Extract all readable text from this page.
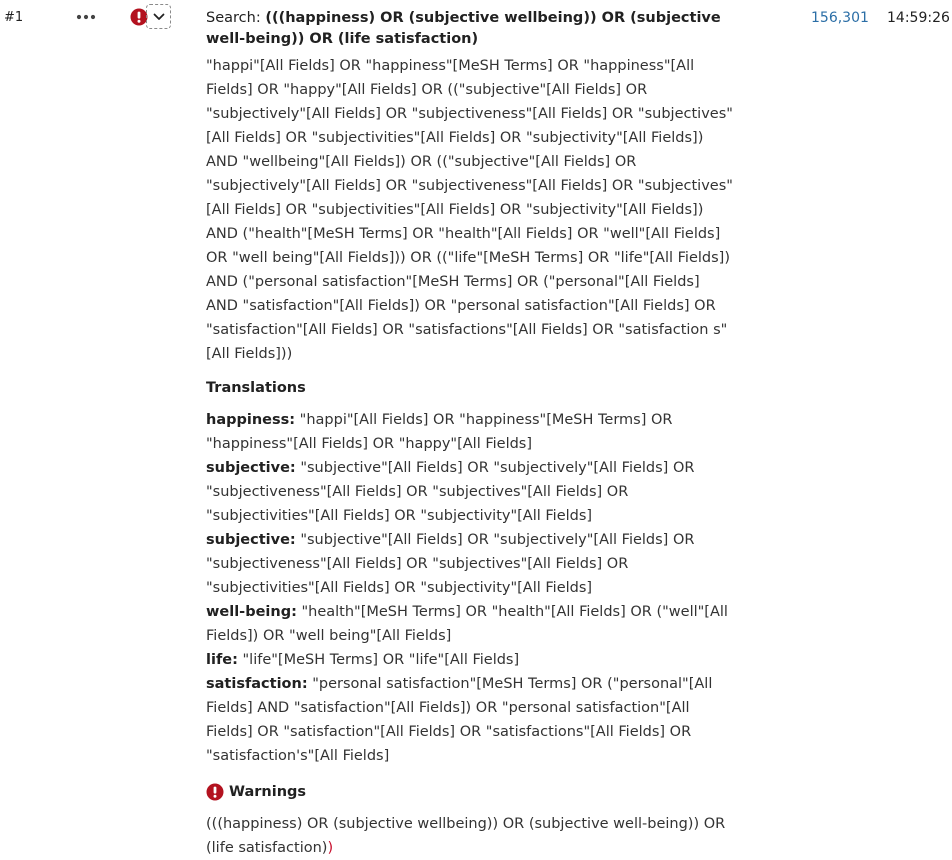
#1	Search: (((happiness) OR (subjective wellbeing)) OR (subjective well-being)) OR (life satisfaction)
"happi"[All Fields] OR "happiness"[MeSH Terms] OR "happiness"[All Fields] OR "happy"[All Fields] OR (("subjective"[All Fields] OR "subjectively"[All Fields] OR "subjectiveness"[All Fields] OR "subjectives"[All Fields] OR "subjectivities"[All Fields] OR "subjectivity"[All Fields]) AND "wellbeing"[All Fields]) OR (("subjective"[All Fields] OR "subjectively"[All Fields] OR "subjectiveness"[All Fields] OR "subjectives"[All Fields] OR "subjectivities"[All Fields] OR "subjectivity"[All Fields]) AND ("health"[MeSH Terms] OR "health"[All Fields] OR "well"[All Fields] OR "well being"[All Fields])) OR (("life"[MeSH Terms] OR "life"[All Fields]) AND ("personal satisfaction"[MeSH Terms] OR ("personal"[All Fields] AND "satisfaction"[All Fields]) OR "personal satisfaction"[All Fields] OR "satisfaction"[All Fields] OR "satisfactions"[All Fields] OR "satisfaction s"[All Fields]))
Translations
happiness: "happi"[All Fields] OR "happiness"[MeSH Terms] OR "happiness"[All Fields] OR "happy"[All Fields]
subjective: "subjective"[All Fields] OR "subjectively"[All Fields] OR "subjectiveness"[All Fields] OR "subjectives"[All Fields] OR "subjectivities"[All Fields] OR "subjectivity"[All Fields]
subjective: "subjective"[All Fields] OR "subjectively"[All Fields] OR "subjectiveness"[All Fields] OR "subjectives"[All Fields] OR "subjectivities"[All Fields] OR "subjectivity"[All Fields]
well-being: "health"[MeSH Terms] OR "health"[All Fields] OR ("well"[All Fields]) OR "well being"[All Fields]
life: "life"[MeSH Terms] OR "life"[All Fields]
satisfaction: "personal satisfaction"[MeSH Terms] OR ("personal"[All Fields] AND "satisfaction"[All Fields]) OR "personal satisfaction"[All Fields] OR "satisfaction"[All Fields] OR "satisfactions"[All Fields] OR "satisfaction's"[All Fields]
Warnings
(((happiness) OR (subjective wellbeing)) OR (subjective well-being)) OR (life satisfaction))
156,301 14:59:26
